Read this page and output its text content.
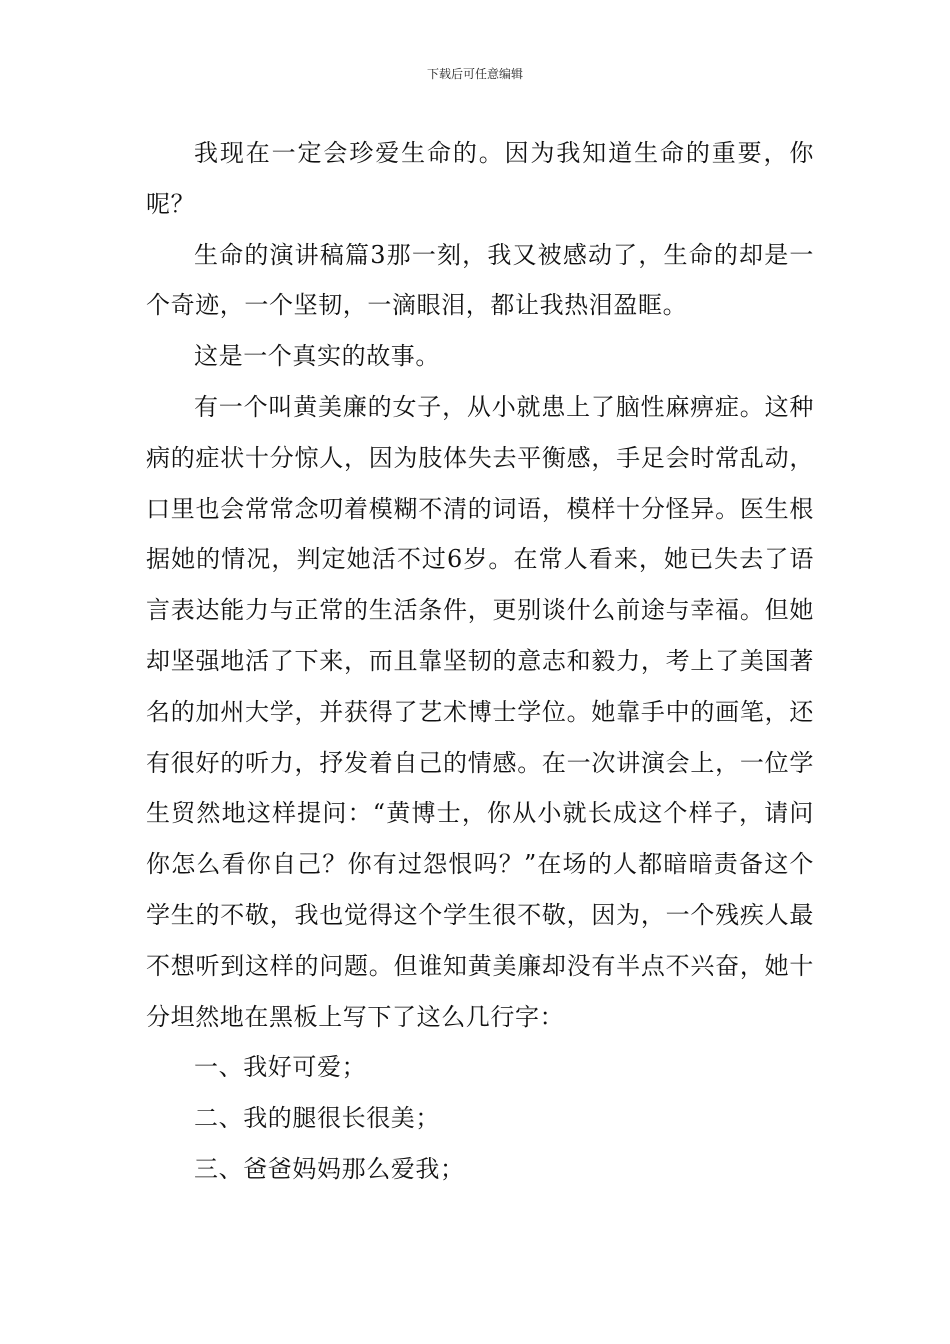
下载后可任意编辑

我现在一定会珍爱生命的。因为我知道生命的重要，你呢？

生命的演讲稿篇3那一刻，我又被感动了，生命的却是一个奇迹，一个坚韧，一滴眼泪，都让我热泪盈眶。

这是一个真实的故事。

有一个叫黄美廉的女子，从小就患上了脑性麻痹症。这种病的症状十分惊人，因为肢体失去平衡感，手足会时常乱动，口里也会常常念叨着模糊不清的词语，模样十分怪异。医生根据她的情况，判定她活不过6岁。在常人看来，她已失去了语言表达能力与正常的生活条件，更别谈什么前途与幸福。但她却坚强地活了下来，而且靠坚韧的意志和毅力，考上了美国著名的加州大学，并获得了艺术博士学位。她靠手中的画笔，还有很好的听力，抒发着自己的情感。在一次讲演会上，一位学生贸然地这样提问：“黄博士，你从小就长成这个样子，请问你怎么看你自己？你有过怨恨吗？”在场的人都暗暗责备这个学生的不敬，我也觉得这个学生很不敬，因为，一个残疾人最不想听到这样的问题。但谁知黄美廉却没有半点不兴奋，她十分坦然地在黑板上写下了这么几行字：

一、我好可爱；

二、我的腿很长很美；

三、爸爸妈妈那么爱我；
